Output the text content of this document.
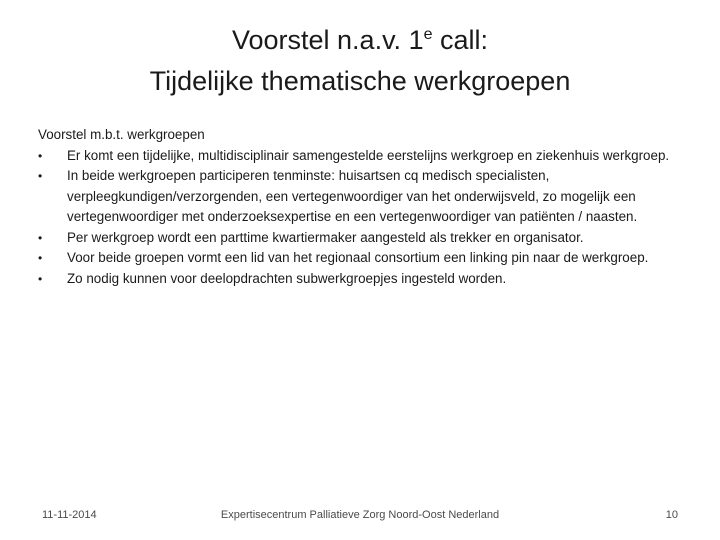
Voorstel n.a.v. 1e call:
Tijdelijke thematische werkgroepen

Voorstel m.b.t. werkgroepen

•	Er komt een tijdelijke, multidisciplinair samengestelde eerstelijns werkgroep en ziekenhuis werkgroep.
•	In beide werkgroepen participeren tenminste: huisartsen cq medisch specialisten, verpleegkundigen/verzorgenden, een vertegenwoordiger van het onderwijsveld, zo mogelijk een vertegenwoordiger met onderzoeksexpertise en een vertegenwoordiger van patiënten / naasten.
•	Per werkgroep wordt een parttime kwartiermaker aangesteld als trekker en organisator.
•	Voor beide groepen vormt een lid van het regionaal consortium een linking pin naar de werkgroep.
•	Zo nodig kunnen voor deelopdrachten subwerkgroepjes ingesteld worden.
Expertisecentrum Palliatieve Zorg Noord-Oost Nederland
11-11-2014	10
